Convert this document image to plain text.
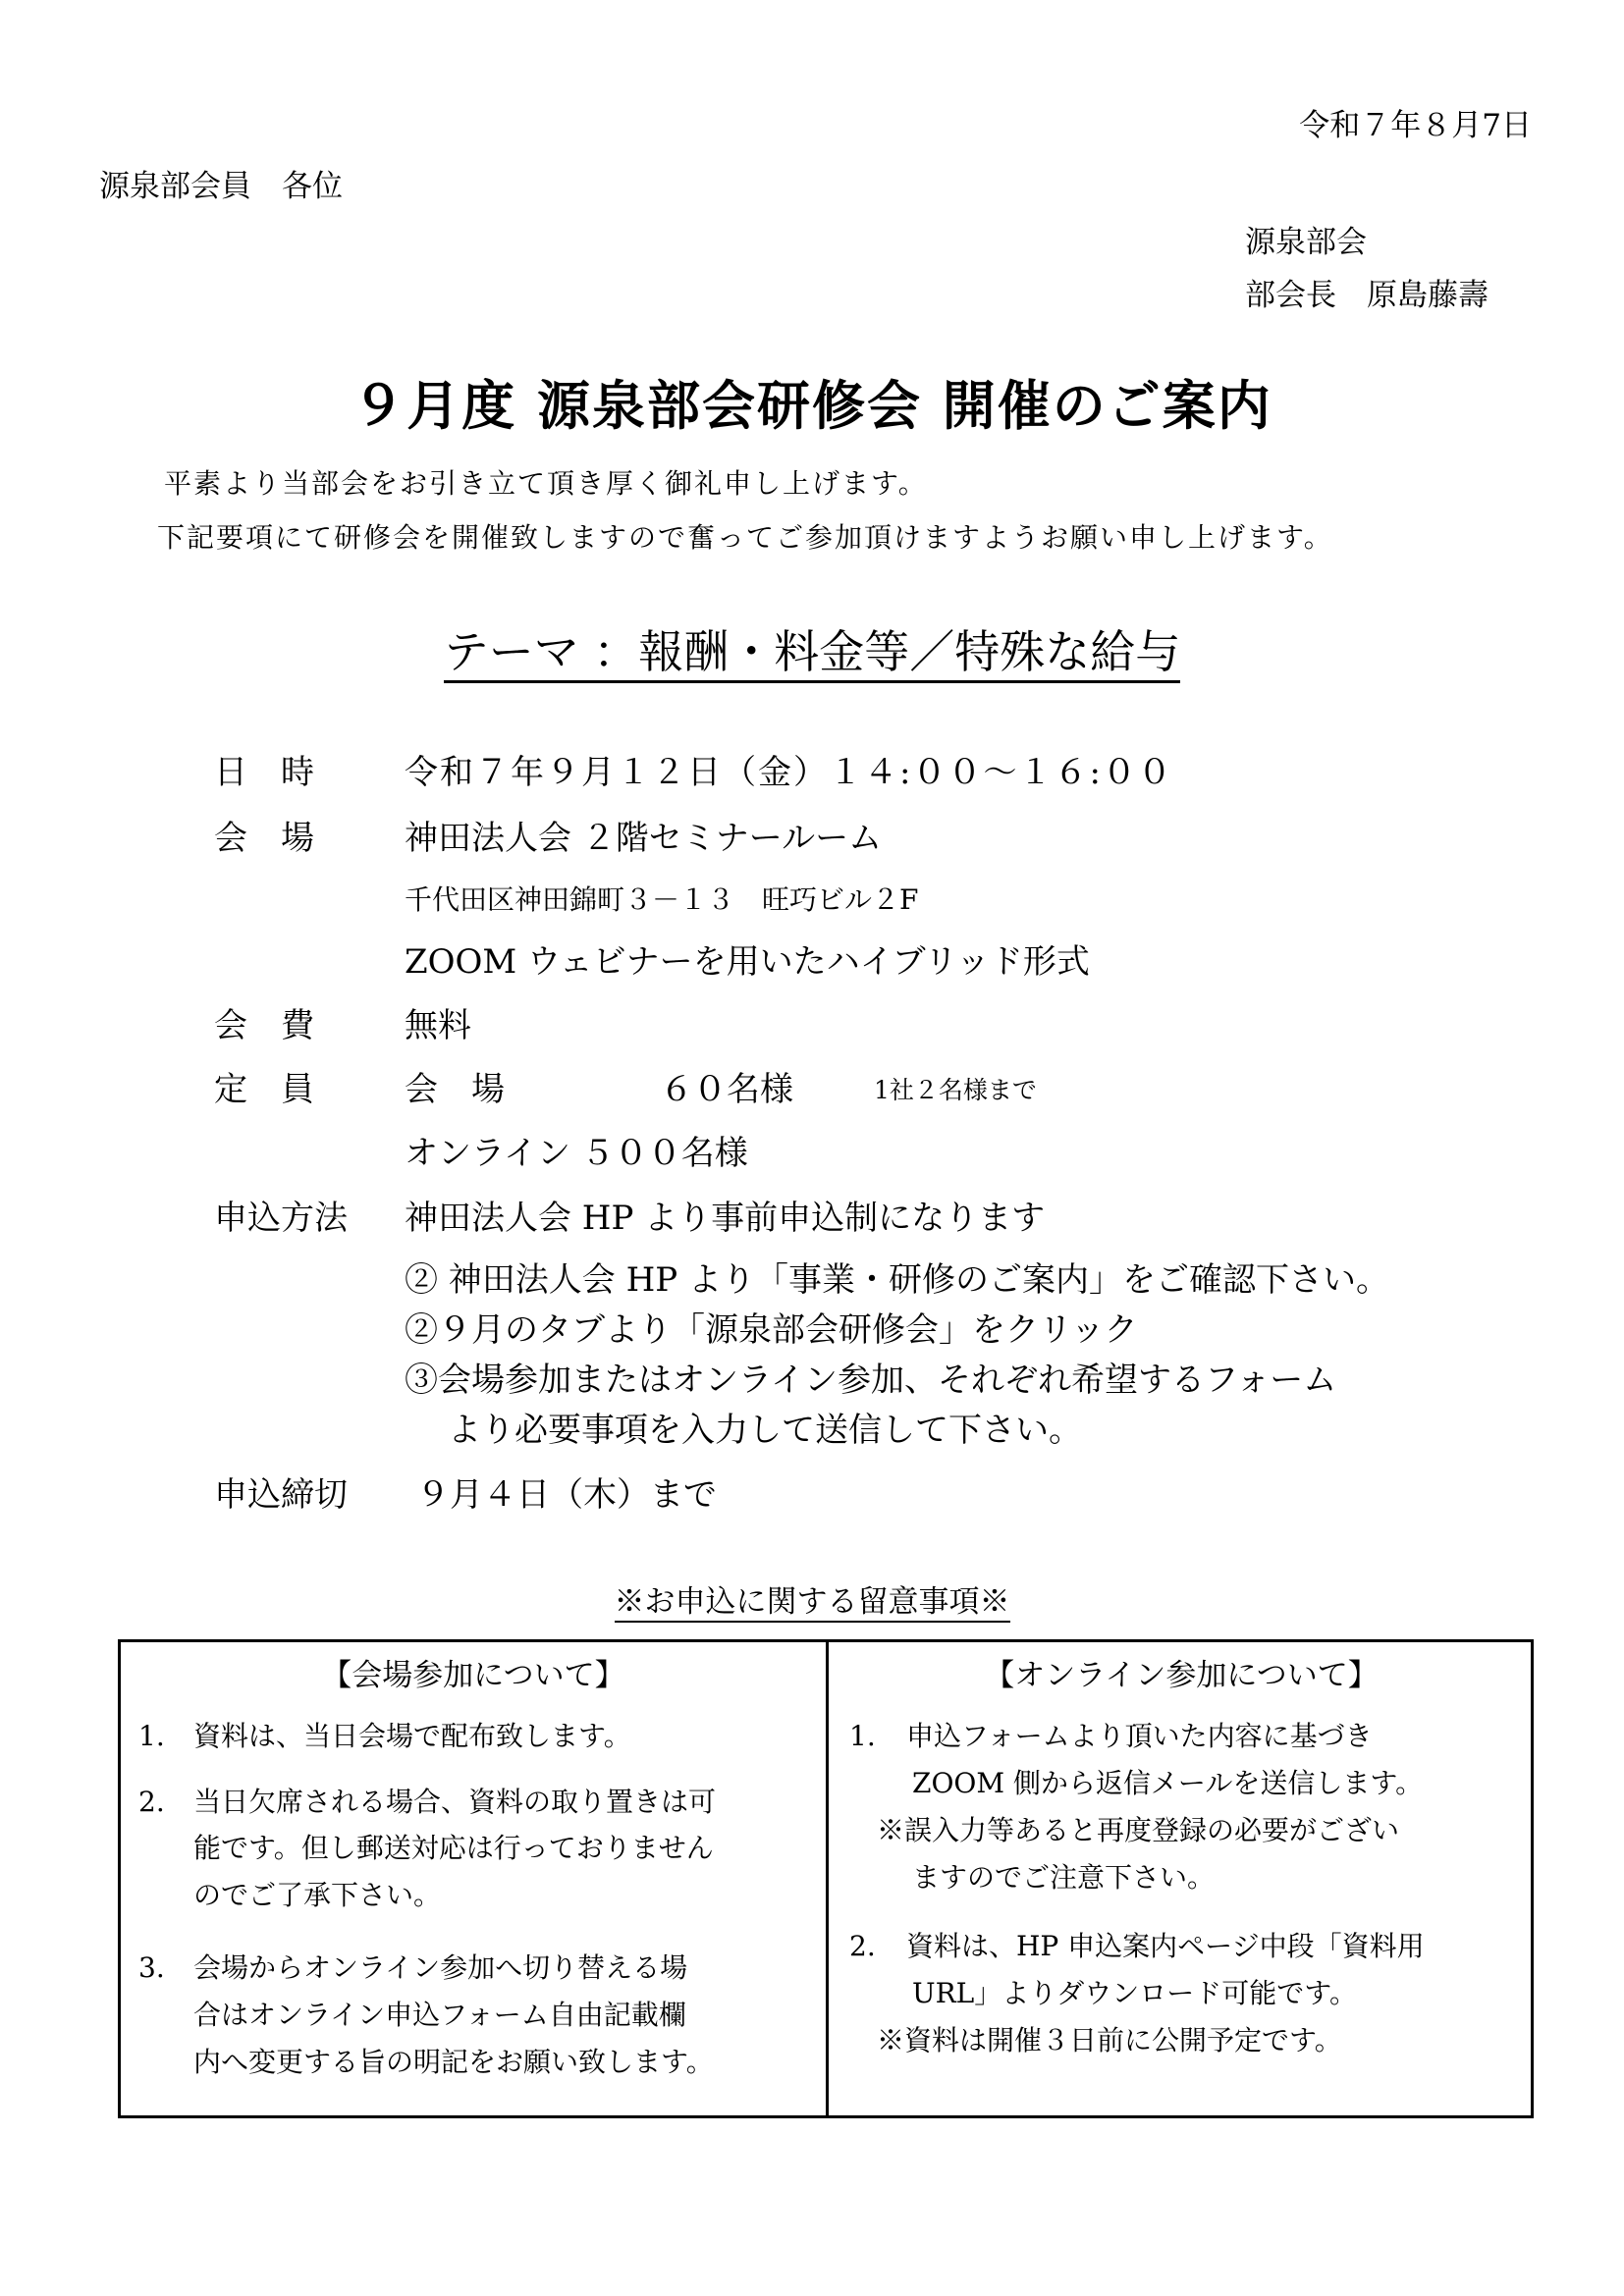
令和７年８月7日
源泉部会員　各位
源泉部会
部会長　原島藤壽
９月度 源泉部会研修会 開催のご案内
平素より当部会をお引き立て頂き厚く御礼申し上げます。
下記要項にて研修会を開催致しますので奮ってご参加頂けますようお願い申し上げます。
テーマ ：報酬・料金等／特殊な給与
日　時	令和７年９月１２日（金）１４:００～１６:００
会　場	神田法人会 ２階セミナールーム
千代田区神田錦町３－１３　旺巧ビル２F
ZOOM ウェビナーを用いたハイブリッド形式
会　費	無料
定　員	会　場	６０名様	1社２名様まで
オンライン ５００名様
申込方法 神田法人会 HP より事前申込制になります
② 神田法人会 HP より「事業・研修のご案内」をご確認下さい。
②９月のタブより「源泉部会研修会」をクリック
③会場参加またはオンライン参加、それぞれ希望するフォーム
より必要事項を入力して送信して下さい。
申込締切 ９月４日（木）まで
※お申込に関する留意事項※
【会場参加について】
1. 資料は、当日会場で配布致します。
2. 当日欠席される場合、資料の取り置きは可
能です。但し郵送対応は行っておりません
のでご了承下さい。
3. 会場からオンライン参加へ切り替える場
合はオンライン申込フォーム自由記載欄
内へ変更する旨の明記をお願い致します。
【オンライン参加について】
1. 申込フォームより頂いた内容に基づき
ZOOM 側から返信メールを送信します。
※誤入力等あると再度登録の必要がござい
ますのでご注意下さい。
2. 資料は、HP 申込案内ページ中段「資料用
URL」よりダウンロード可能です。
※資料は開催３日前に公開予定です。
